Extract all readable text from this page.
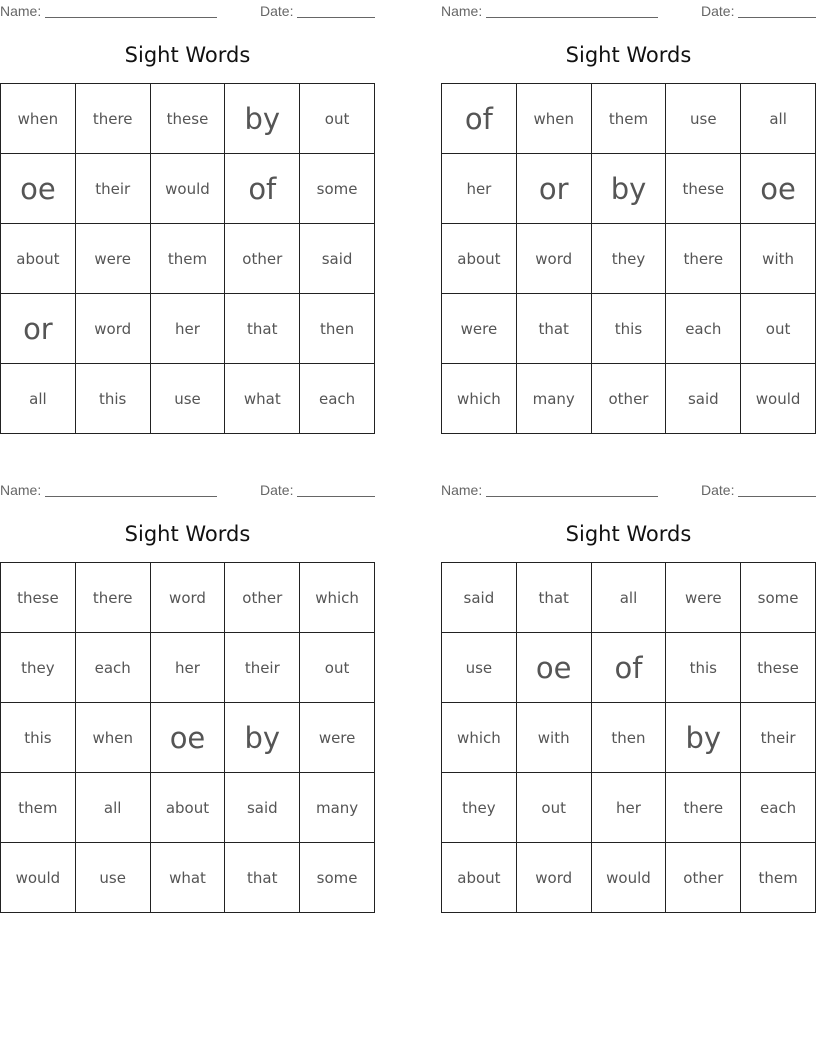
Name:	Date:
Sight Words
when	there	these	by	out
oe	their	would	of	some
about	were	them	other	said
or	word	her	that	then
all	this	use	what	each
Name:	Date:
Sight Words
of	when	them	use	all
her	or	by	these	oe
about	word	they	there	with
were	that	this	each	out
which	many	other	said	would
Name:	Date:
Sight Words
these	there	word	other	which
they	each	her	their	out
this	when	oe	by	were
them	all	about	said	many
would	use	what	that	some
Name:	Date:
Sight Words
said	that	all	were	some
use	oe	of	this	these
which	with	then	by	their
they	out	her	there	each
about	word	would	other	them
